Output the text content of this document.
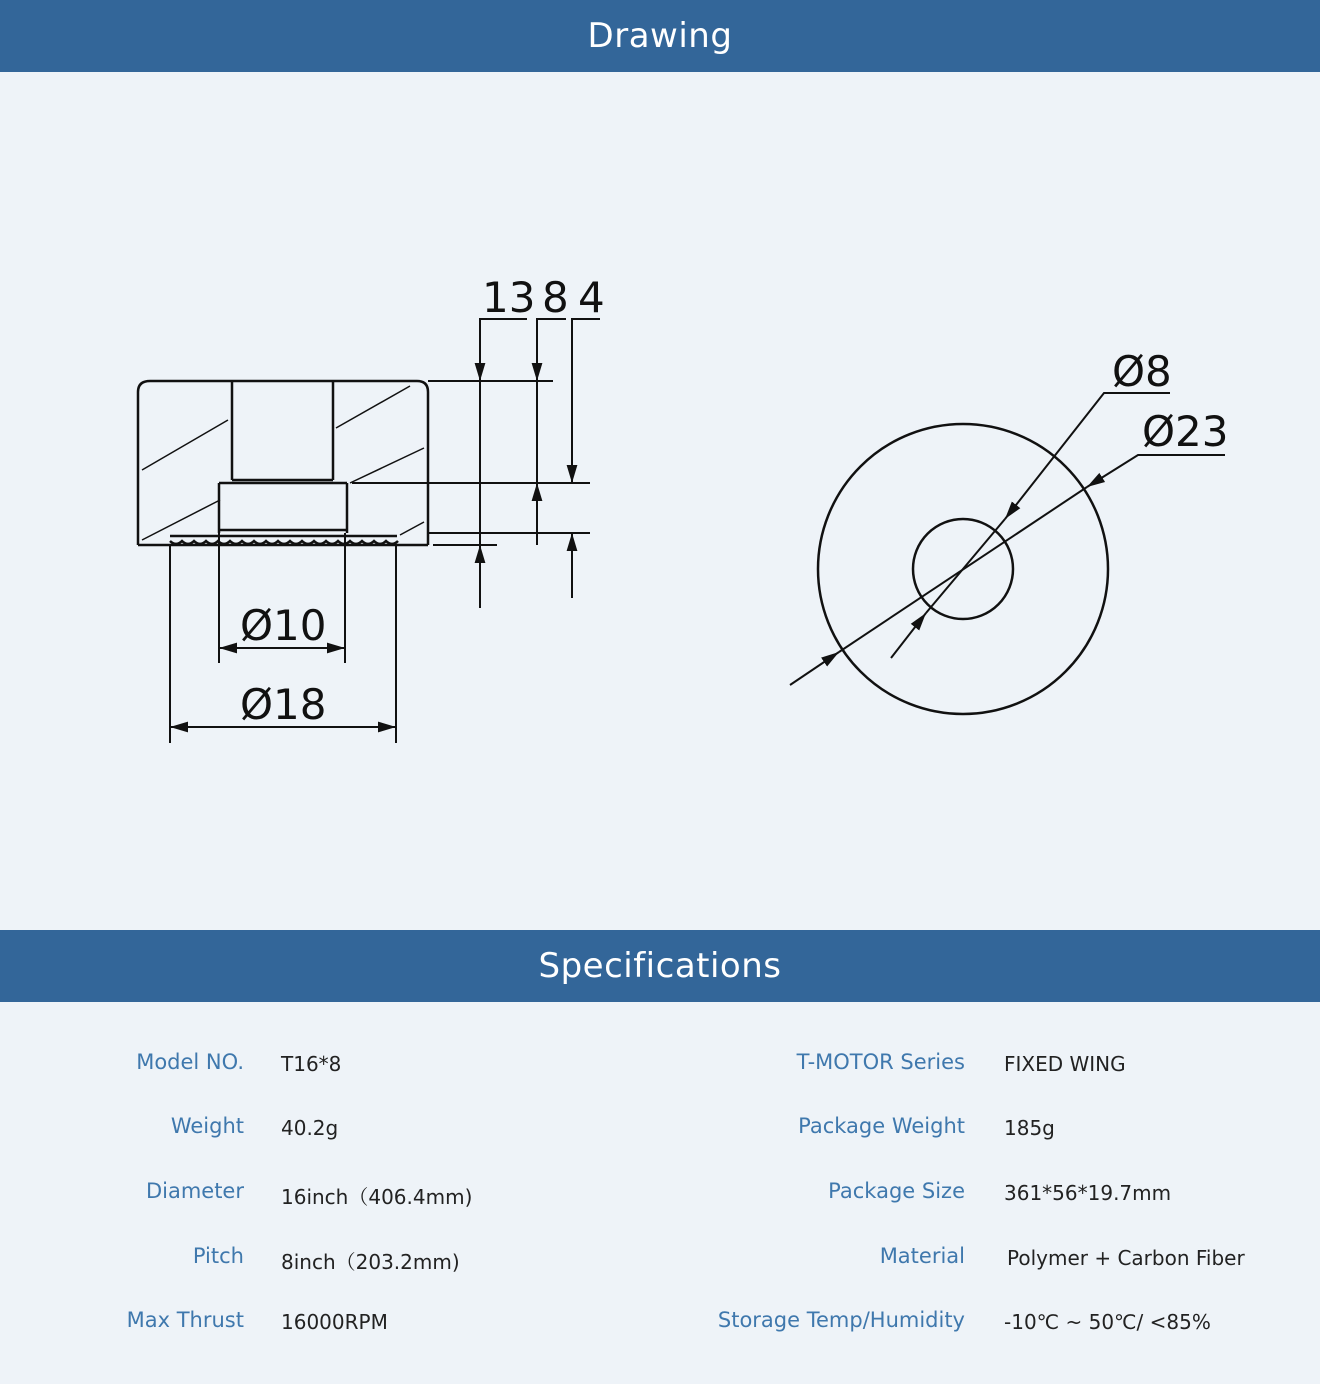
Drawing
13 8 4
Ø10
Ø18
Ø8
Ø23
Specifications
Model NO. T16*8
Weight 40.2g
Diameter 16inch（406.4mm)
Pitch 8inch（203.2mm)
Max Thrust 16000RPM
T-MOTOR Series FIXED WING
Package Weight 185g
Package Size 361*56*19.7mm
Material Polymer + Carbon Fiber
Storage Temp/Humidity -10℃ ~ 50℃/ <85%
